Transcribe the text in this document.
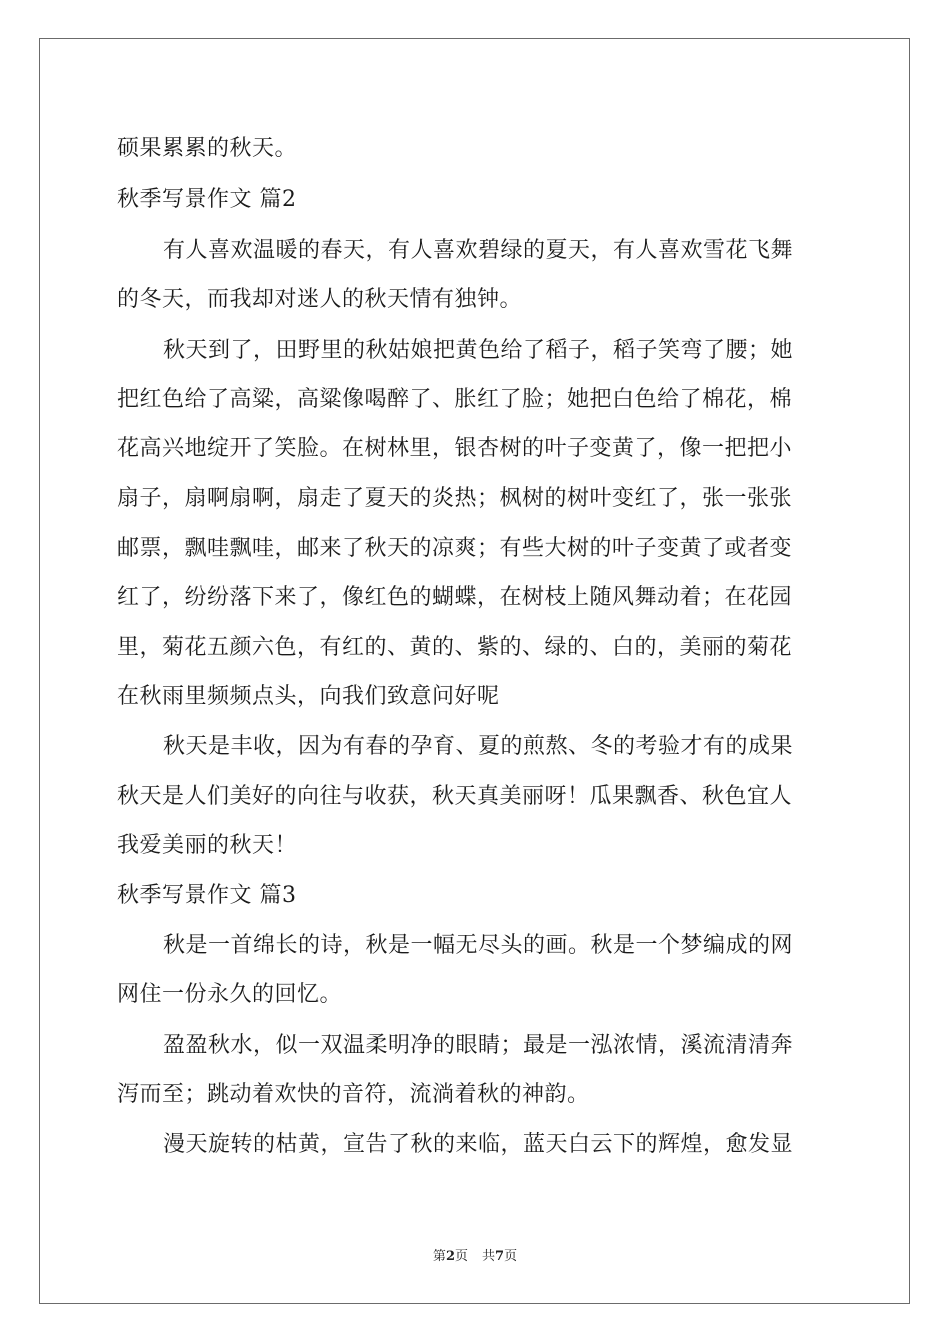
硕果累累的秋天。
秋季写景作文 篇2
有人喜欢温暖的春天，有人喜欢碧绿的夏天，有人喜欢雪花飞舞
的冬天，而我却对迷人的秋天情有独钟。
秋天到了，田野里的秋姑娘把黄色给了稻子，稻子笑弯了腰；她
把红色给了高粱，高粱像喝醉了、胀红了脸；她把白色给了棉花，棉
花高兴地绽开了笑脸。在树林里，银杏树的叶子变黄了，像一把把小
扇子，扇啊扇啊，扇走了夏天的炎热；枫树的树叶变红了，张一张张
邮票，飘哇飘哇，邮来了秋天的凉爽；有些大树的叶子变黄了或者变
红了，纷纷落下来了，像红色的蝴蝶，在树枝上随风舞动着；在花园
里，菊花五颜六色，有红的、黄的、紫的、绿的、白的，美丽的菊花
在秋雨里频频点头，向我们致意问好呢
秋天是丰收，因为有春的孕育、夏的煎熬、冬的考验才有的成果
秋天是人们美好的向往与收获，秋天真美丽呀！瓜果飘香、秋色宜人
我爱美丽的秋天！
秋季写景作文 篇3
秋是一首绵长的诗，秋是一幅无尽头的画。秋是一个梦编成的网
网住一份永久的回忆。
盈盈秋水，似一双温柔明净的眼睛；最是一泓浓情，溪流清清奔
泻而至；跳动着欢快的音符，流淌着秋的神韵。
漫天旋转的枯黄，宣告了秋的来临，蓝天白云下的辉煌，愈发显
第2页 共7页
